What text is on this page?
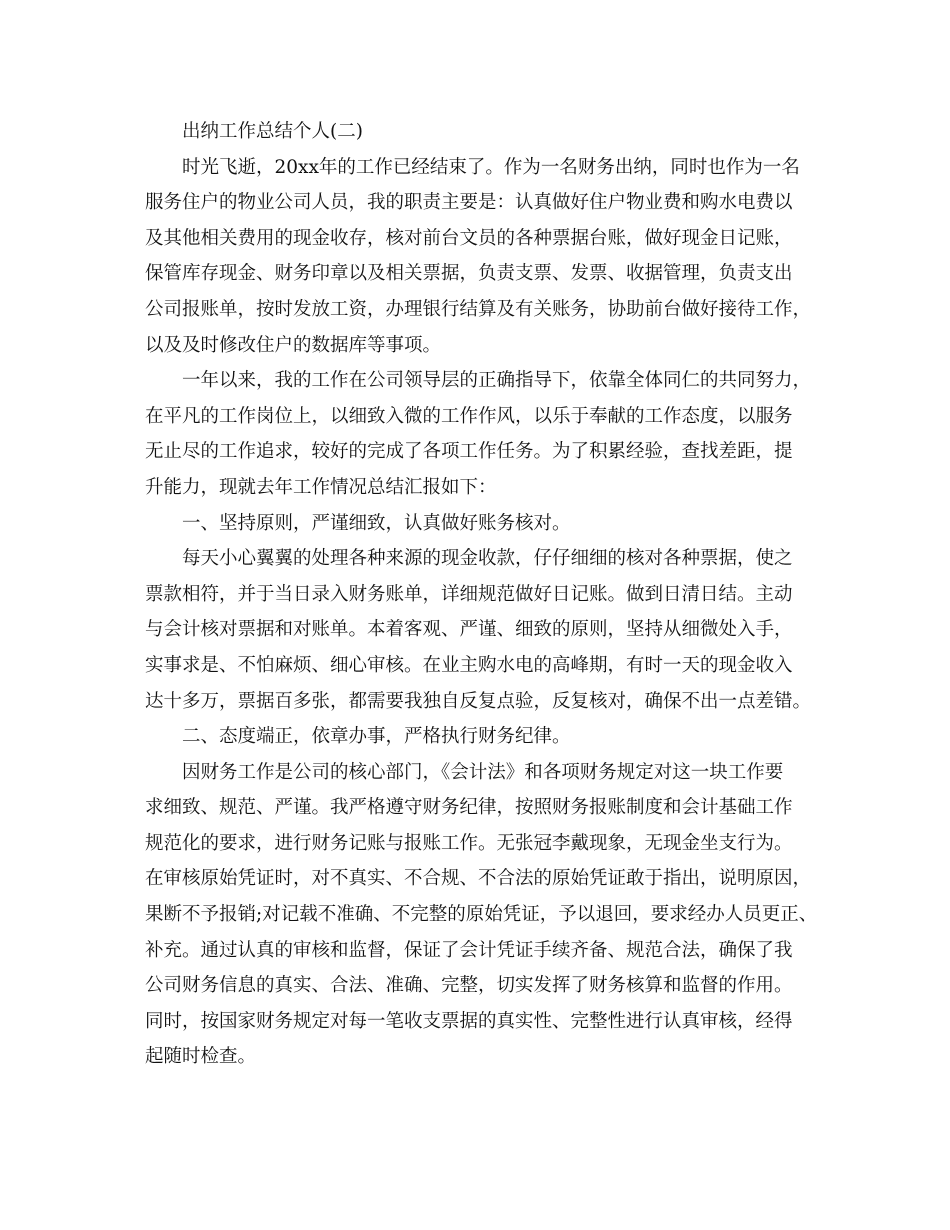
出纳工作总结个人(二)
时光飞逝，20xx年的工作已经结束了。作为一名财务出纳，同时也作为一名
服务住户的物业公司人员，我的职责主要是：认真做好住户物业费和购水电费以
及其他相关费用的现金收存，核对前台文员的各种票据台账，做好现金日记账，
保管库存现金、财务印章以及相关票据，负责支票、发票、收据管理，负责支出
公司报账单，按时发放工资，办理银行结算及有关账务，协助前台做好接待工作，
以及及时修改住户的数据库等事项。
一年以来，我的工作在公司领导层的正确指导下，依靠全体同仁的共同努力，
在平凡的工作岗位上，以细致入微的工作作风，以乐于奉献的工作态度，以服务
无止尽的工作追求，较好的完成了各项工作任务。为了积累经验，查找差距，提
升能力，现就去年工作情况总结汇报如下：
一、坚持原则，严谨细致，认真做好账务核对。
每天小心翼翼的处理各种来源的现金收款，仔仔细细的核对各种票据，使之
票款相符，并于当日录入财务账单，详细规范做好日记账。做到日清日结。主动
与会计核对票据和对账单。本着客观、严谨、细致的原则，坚持从细微处入手，
实事求是、不怕麻烦、细心审核。在业主购水电的高峰期，有时一天的现金收入
达十多万，票据百多张，都需要我独自反复点验，反复核对，确保不出一点差错。
二、态度端正，依章办事，严格执行财务纪律。
因财务工作是公司的核心部门，《会计法》和各项财务规定对这一块工作要
求细致、规范、严谨。我严格遵守财务纪律，按照财务报账制度和会计基础工作
规范化的要求，进行财务记账与报账工作。无张冠李戴现象，无现金坐支行为。
在审核原始凭证时，对不真实、不合规、不合法的原始凭证敢于指出，说明原因，
果断不予报销;对记载不准确、不完整的原始凭证，予以退回，要求经办人员更正、
补充。通过认真的审核和监督，保证了会计凭证手续齐备、规范合法，确保了我
公司财务信息的真实、合法、准确、完整，切实发挥了财务核算和监督的作用。
同时，按国家财务规定对每一笔收支票据的真实性、完整性进行认真审核，经得
起随时检查。
